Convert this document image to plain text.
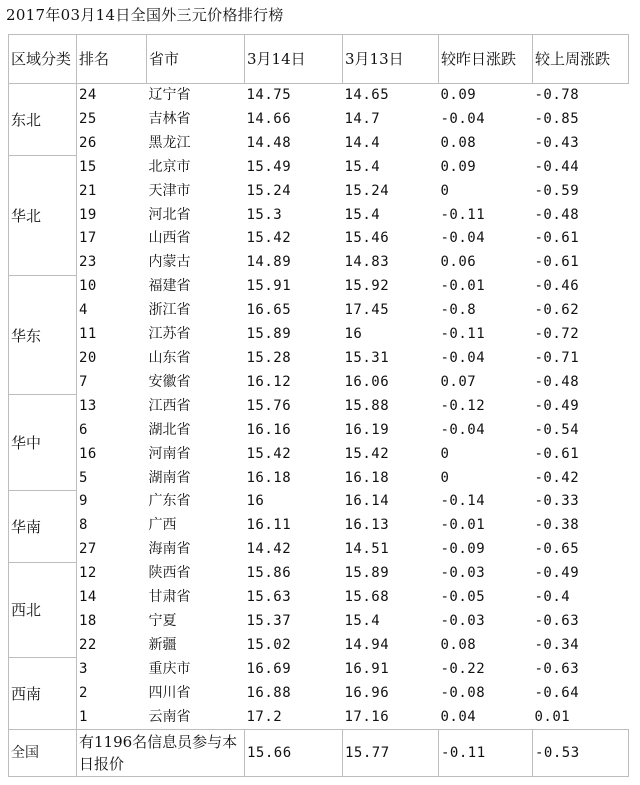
2017年03月14日全国外三元价格排行榜
区域分类	排名	省市	3月14日	3月13日	较昨日涨跌	较上周涨跌
东北	24	辽宁省	14.75	14.65	0.09	-0.78
	25	吉林省	14.66	14.7	-0.04	-0.85
	26	黑龙江	14.48	14.4	0.08	-0.43
华北	15	北京市	15.49	15.4	0.09	-0.44
	21	天津市	15.24	15.24	0	-0.59
	19	河北省	15.3	15.4	-0.11	-0.48
	17	山西省	15.42	15.46	-0.04	-0.61
	23	内蒙古	14.89	14.83	0.06	-0.61
华东	10	福建省	15.91	15.92	-0.01	-0.46
	4	浙江省	16.65	17.45	-0.8	-0.62
	11	江苏省	15.89	16	-0.11	-0.72
	20	山东省	15.28	15.31	-0.04	-0.71
	7	安徽省	16.12	16.06	0.07	-0.48
华中	13	江西省	15.76	15.88	-0.12	-0.49
	6	湖北省	16.16	16.19	-0.04	-0.54
	16	河南省	15.42	15.42	0	-0.61
	5	湖南省	16.18	16.18	0	-0.42
华南	9	广东省	16	16.14	-0.14	-0.33
	8	广西	16.11	16.13	-0.01	-0.38
	27	海南省	14.42	14.51	-0.09	-0.65
西北	12	陕西省	15.86	15.89	-0.03	-0.49
	14	甘肃省	15.63	15.68	-0.05	-0.4
	18	宁夏	15.37	15.4	-0.03	-0.63
	22	新疆	15.02	14.94	0.08	-0.34
西南	3	重庆市	16.69	16.91	-0.22	-0.63
	2	四川省	16.88	16.96	-0.08	-0.64
	1	云南省	17.2	17.16	0.04	0.01
全国	有1196名信息员参与本日报价		15.66	15.77	-0.11	-0.53
